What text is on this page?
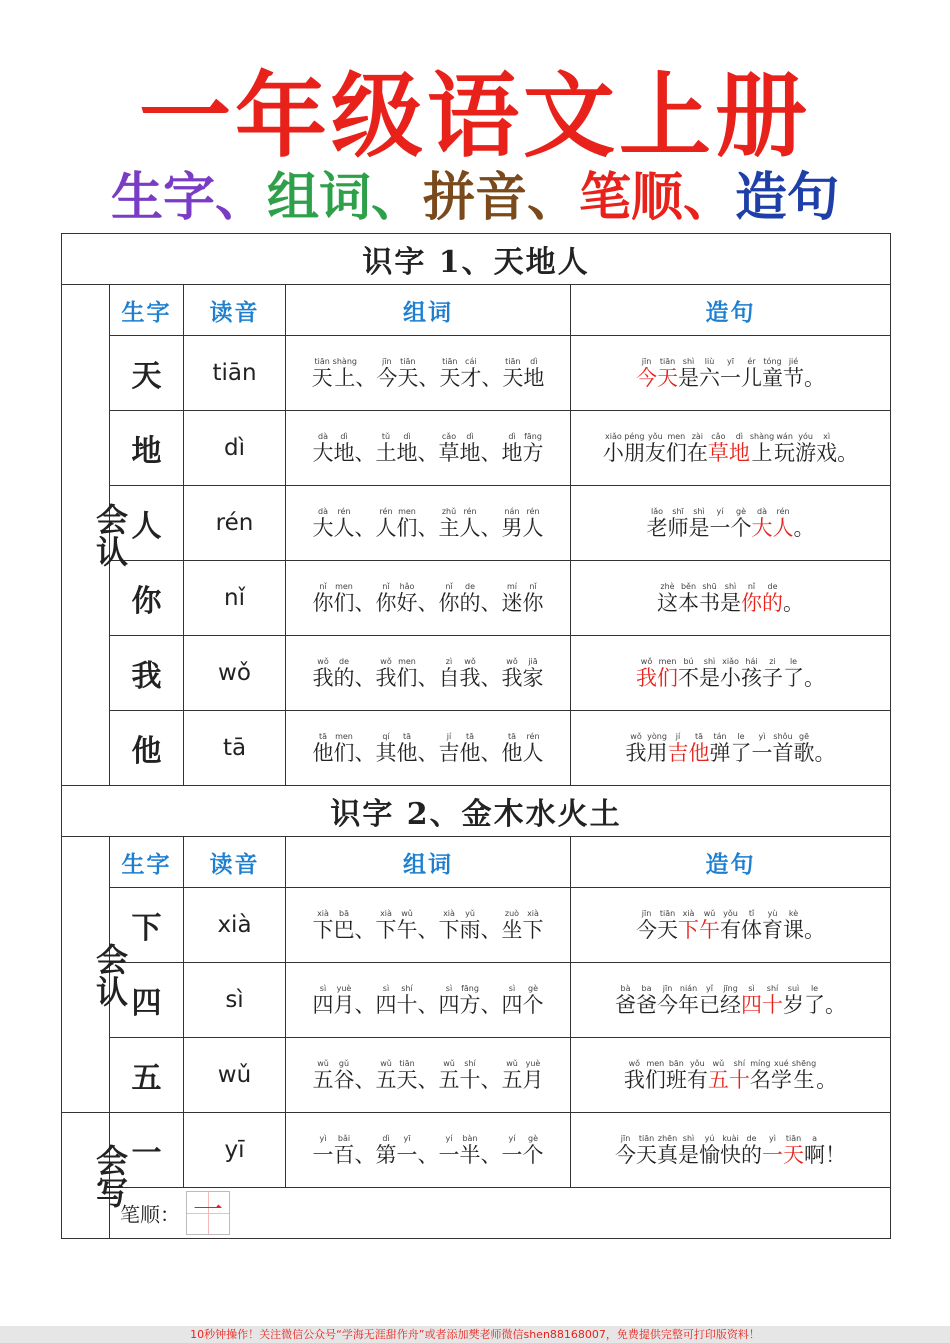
一年级语文上册
生字、组词、拼音、笔顺、造句
识字 1、天地人				

会认	生字	读音	组词	造句
	天	tiān	天tiān上shàng、今jīn天tiān、天tiān才cái、天tiān地dì	今jīn天tiān是shì六liù一yī儿ér童tóng节jié。

	地	dì	大dà地dì、土tǔ地dì、草cǎo地dì、地dì方fāng	小xiǎo朋péng友yǒu们men在zài草cǎo地dì上shàng玩wán游yóu戏xì。

	人	rén	大dà人rén、人rén们men、主zhǔ人rén、男nán人rén	老lǎo师shī是shì一yí个gè大dà人rén。

	你	nǐ	你nǐ们men、你nǐ好hǎo、你nǐ的de、迷mí你nǐ	这zhè本běn书shū是shì你nǐ的de。

	我	wǒ	我wǒ的de、我wǒ们men、自zì我wǒ、我wǒ家jiā	我wǒ们men不bú是shì小xiǎo孩hái子zi了le。

	他	tā	他tā们men、其qí他tā、吉jí他tā、他tā人rén	我wǒ用yòng吉jí他tā弹tán了le一yì首shǒu歌gē。

识字 2、金木水火土				

会认	生字	读音	组词	造句
	下	xià	下xià巴bā、下xià午wǔ、下xià雨yǔ、坐zuò下xià	今jīn天tiān下xià午wǔ有yǒu体tǐ育yù课kè。

	四	sì	四sì月yuè、四sì十shí、四sì方fāng、四sì个gè	爸bà爸ba今jīn年nián已yǐ经jīng四sì十shí岁suì了le。

	五	wǔ	五wǔ谷gǔ、五wǔ天tiān、五wǔ十shí、五wǔ月yuè	我wǒ们men班bān有yǒu五wǔ十shí名míng学xué生shēng。

会写	一	yī	一yì百bǎi、第dì一yī、一yí半bàn、一yí个gè	今jīn天tiān真zhēn是shì愉yú快kuài的de一yì天tiān啊a！

	笔顺： 一			
10秒钟操作！关注微信公众号“学海无涯甜作舟”或者添加樊老师微信shen88168007，免费提供完整可打印版资料！
